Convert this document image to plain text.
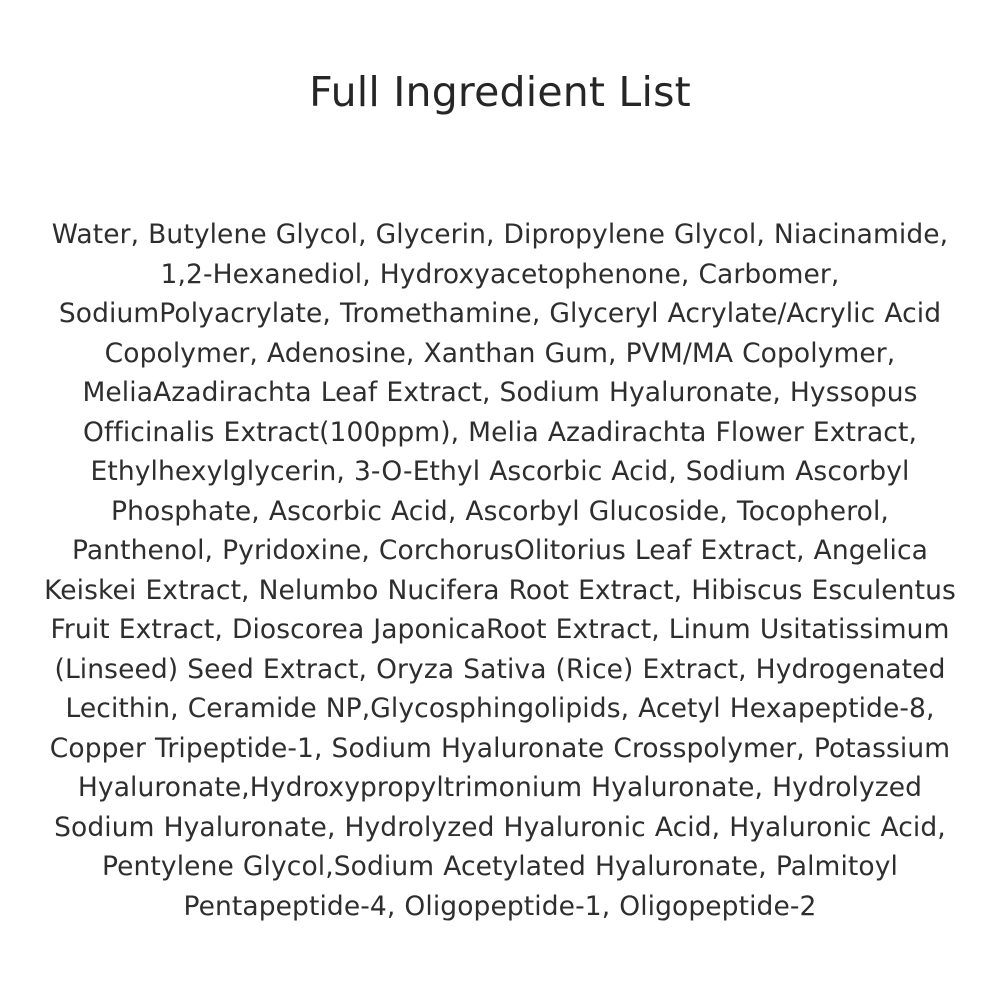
Full Ingredient List

Water, Butylene Glycol, Glycerin, Dipropylene Glycol, Niacinamide, 1,2-Hexanediol, Hydroxyacetophenone, Carbomer, SodiumPolyacrylate, Tromethamine, Glyceryl Acrylate/Acrylic Acid Copolymer, Adenosine, Xanthan Gum, PVM/MA Copolymer, MeliaAzadirachta Leaf Extract, Sodium Hyaluronate, Hyssopus Officinalis Extract(100ppm), Melia Azadirachta Flower Extract, Ethylhexylglycerin, 3-O-Ethyl Ascorbic Acid, Sodium Ascorbyl Phosphate, Ascorbic Acid, Ascorbyl Glucoside, Tocopherol, Panthenol, Pyridoxine, CorchorusOlitorius Leaf Extract, Angelica Keiskei Extract, Nelumbo Nucifera Root Extract, Hibiscus Esculentus Fruit Extract, Dioscorea JaponicaRoot Extract, Linum Usitatissimum (Linseed) Seed Extract, Oryza Sativa (Rice) Extract, Hydrogenated Lecithin, Ceramide NP,Glycosphingolipids, Acetyl Hexapeptide-8, Copper Tripeptide-1, Sodium Hyaluronate Crosspolymer, Potassium Hyaluronate,Hydroxypropyltrimonium Hyaluronate, Hydrolyzed Sodium Hyaluronate, Hydrolyzed Hyaluronic Acid, Hyaluronic Acid, Pentylene Glycol,Sodium Acetylated Hyaluronate, Palmitoyl Pentapeptide-4, Oligopeptide-1, Oligopeptide-2
